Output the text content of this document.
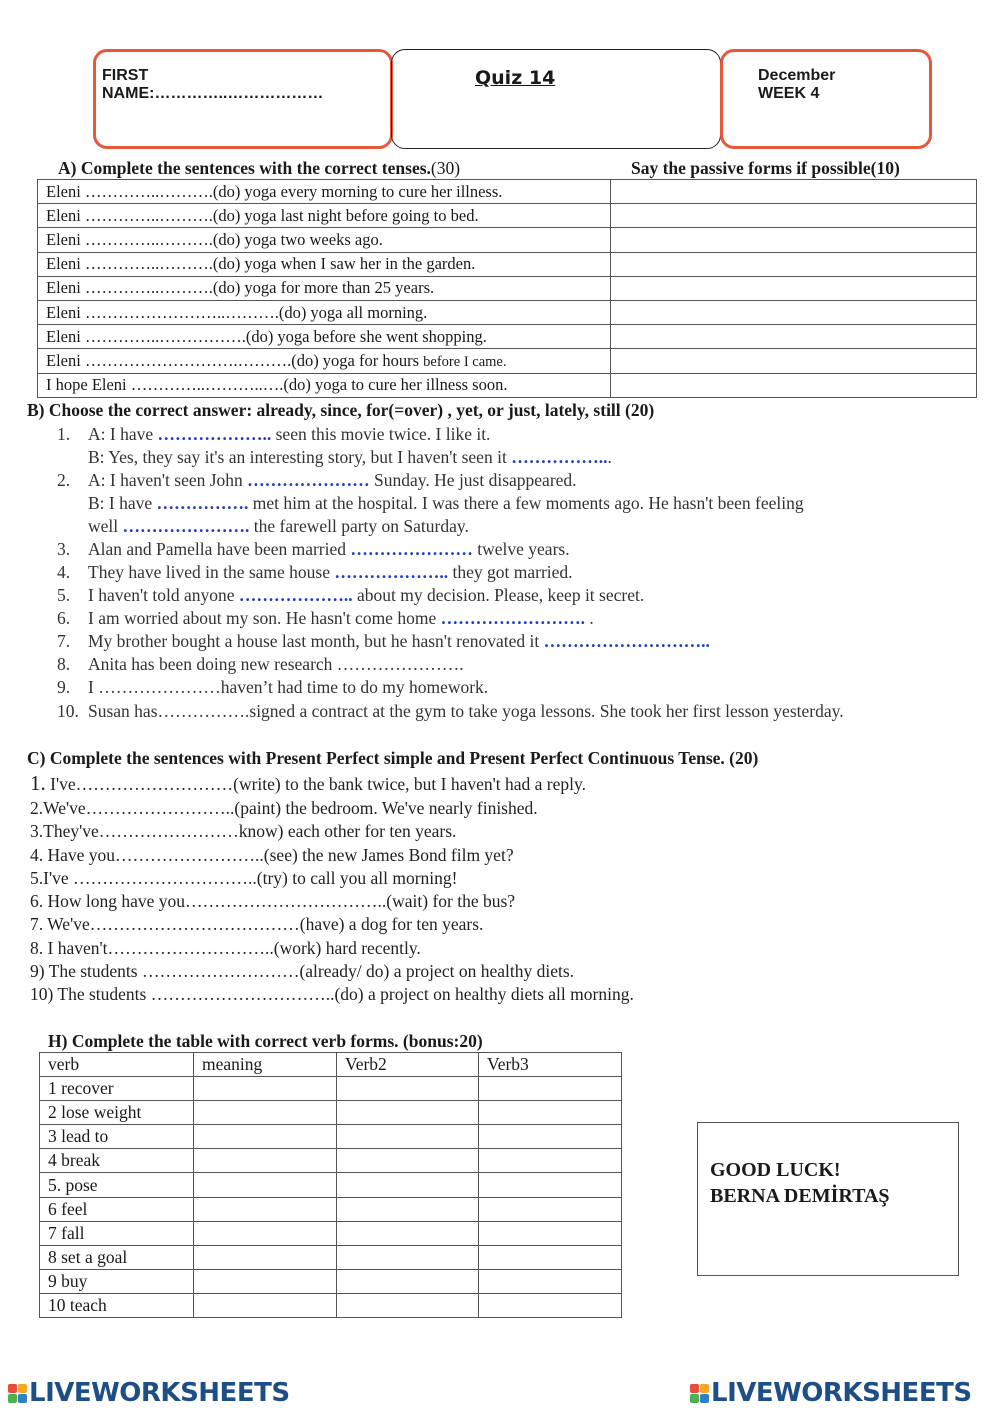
FIRST
NAME:…………..………………
Quiz 14	December
WEEK 4
A) Complete the sentences with the correct tenses.(30)	Say the passive forms if possible(10)
Eleni …………..……….(do) yoga every morning to cure her illness.	
Eleni …………..……….(do) yoga last night before going to bed.	
Eleni …………..……….(do) yoga two weeks ago.	
Eleni …………..……….(do) yoga when I saw her in the garden.	
Eleni …………..……….(do) yoga for more than 25 years.	
Eleni ……………………..……….(do) yoga all morning.	
Eleni …………..…………….(do) yoga before she went shopping.	
Eleni ……………………….……….(do) yoga for hours before I came.	
I hope Eleni …………..………..….(do) yoga to cure her illness soon.	
B) Choose the correct answer: already, since, for(=over) , yet, or just, lately, still (20)
1. A: I have ……………….. seen this movie twice. I like it.
B: Yes, they say it's an interesting story, but I haven't seen it ……………...
2. A: I haven't seen John ………………… Sunday. He just disappeared.
B: I have ……………. met him at the hospital. I was there a few moments ago. He hasn't been feeling
well …………………. the farewell party on Saturday.
3. Alan and Pamella have been married ………………… twelve years.
4. They have lived in the same house ……………….. they got married.
5. I haven't told anyone ……………….. about my decision. Please, keep it secret.
6. I am worried about my son. He hasn't come home ……………………. .
7. My brother bought a house last month, but he hasn't renovated it ………………………..
8. Anita has been doing new research ………………….
9. I …………………haven’t had time to do my homework.
10. Susan has…………….signed a contract at the gym to take yoga lessons. She took her first lesson yesterday.
C) Complete the sentences with Present Perfect simple and Present Perfect Continuous Tense. (20)
1. I've………………………(write) to the bank twice, but I haven't had a reply.
2.We've……………………..(paint) the bedroom. We've nearly finished.
3.They've……………………know) each other for ten years.
4. Have you……………………..(see) the new James Bond film yet?
5.I've …………………………..(try) to call you all morning!
6. How long have you……………………………..(wait) for the bus?
7. We've………………………………(have) a dog for ten years.
8. I haven't………………………..(work) hard recently.
9) The students ………………………(already/ do) a project on healthy diets.
10) The students …………………………..(do) a project on healthy diets all morning.
H) Complete the table with correct verb forms. (bonus:20)
verb	meaning	Verb2	Verb3
1 recover			
2 lose weight			
3 lead to			
4 break			
5. pose			
6 feel			
7 fall			
8 set a goal			
9 buy			
10 teach			
GOOD LUCK!
BERNA DEMİRTAŞ
LIVEWORKSHEETS	LIVEWORKSHEETS
